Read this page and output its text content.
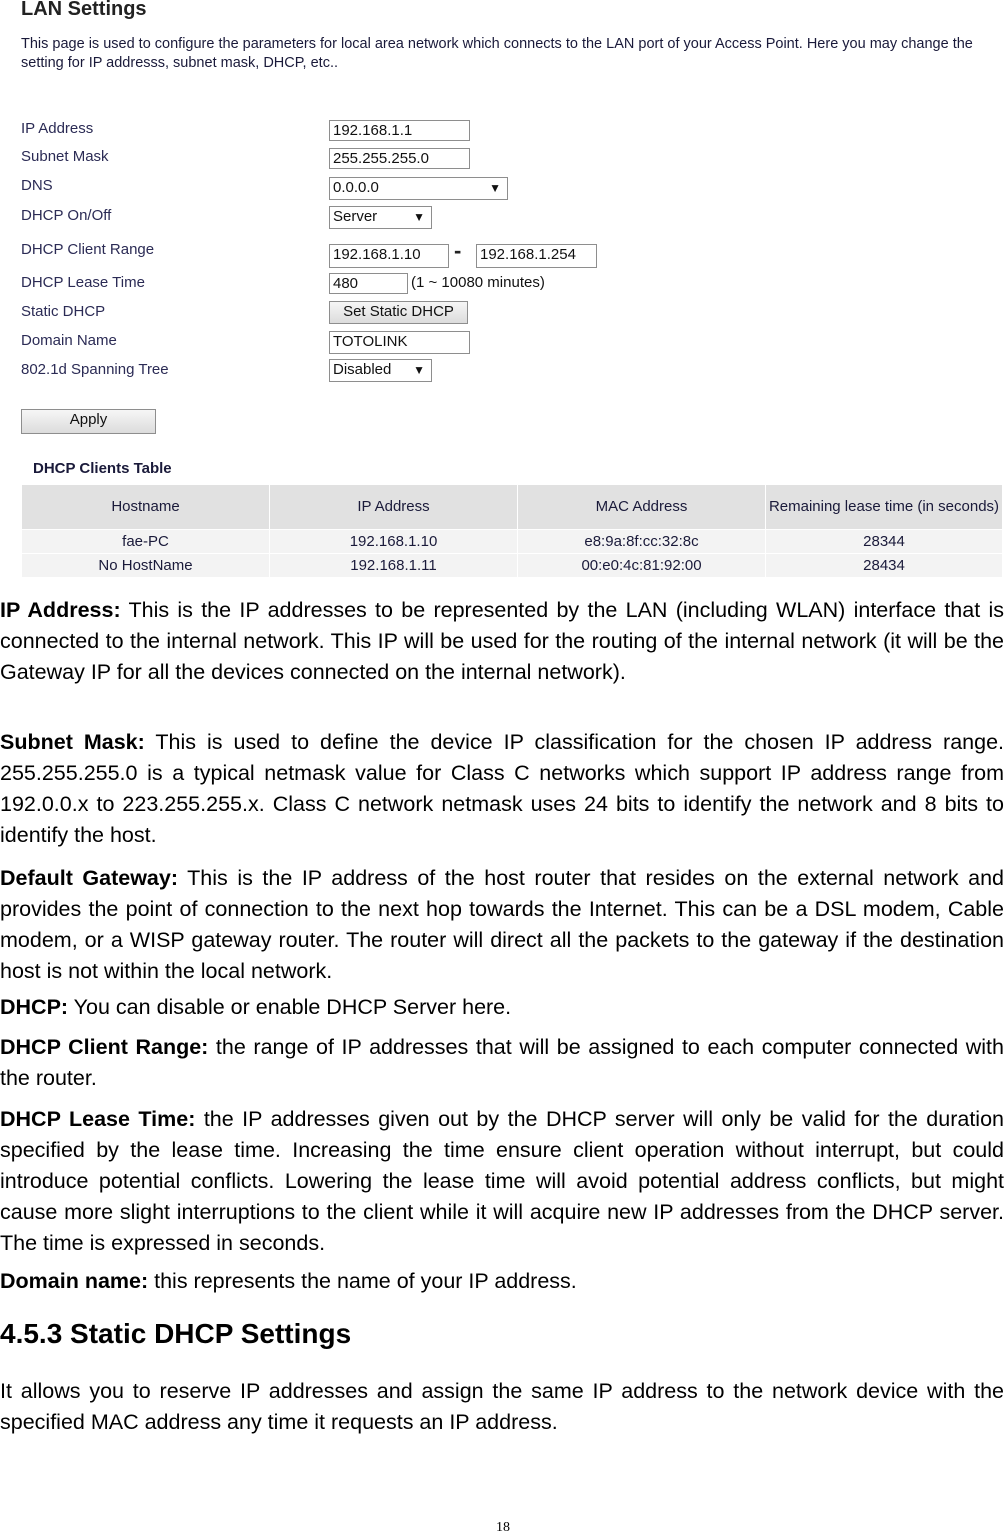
LAN Settings
This page is used to configure the parameters for local area network which connects to the LAN port of your Access Point. Here you may change the setting for IP addresss, subnet mask, DHCP, etc..
IP Address	192.168.1.1
Subnet Mask	255.255.255.0
DNS	0.0.0.0	▼
DHCP On/Off	Server	▼
DHCP Client Range	192.168.1.10	- 192.168.1.254
DHCP Lease Time	480	(1 ~ 10080 minutes)
Static DHCP	Set Static DHCP
Domain Name	TOTOLINK
802.1d Spanning Tree	Disabled ▼
Apply
DHCP Clients Table
Hostname	IP Address	MAC Address	Remaining lease time (in seconds)
fae-PC	192.168.1.10	e8:9a:8f:cc:32:8c	28344
No HostName	192.168.1.11	00:e0:4c:81:92:00	28434

IP Address: This is the IP addresses to be represented by the LAN (including WLAN) interface that is connected to the internal network. This IP will be used for the routing of the internal network (it will be the Gateway IP for all the devices connected on the internal network).

Subnet Mask: This is used to define the device IP classification for the chosen IP address range. 255.255.255.0 is a typical netmask value for Class C networks which support IP address range from 192.0.0.x to 223.255.255.x. Class C network netmask uses 24 bits to identify the network and 8 bits to identify the host.

Default Gateway: This is the IP address of the host router that resides on the external network and provides the point of connection to the next hop towards the Internet. This can be a DSL modem, Cable modem, or a WISP gateway router. The router will direct all the packets to the gateway if the destination host is not within the local network.

DHCP: You can disable or enable DHCP Server here.

DHCP Client Range: the range of IP addresses that will be assigned to each computer connected with the router.

DHCP Lease Time: the IP addresses given out by the DHCP server will only be valid for the duration specified by the lease time. Increasing the time ensure client operation without interrupt, but could introduce potential conflicts. Lowering the lease time will avoid potential address conflicts, but might cause more slight interruptions to the client while it will acquire new IP addresses from the DHCP server. The time is expressed in seconds.

Domain name: this represents the name of your IP address.

4.5.3 Static DHCP Settings

It allows you to reserve IP addresses and assign the same IP address to the network device with the specified MAC address any time it requests an IP address.

18
